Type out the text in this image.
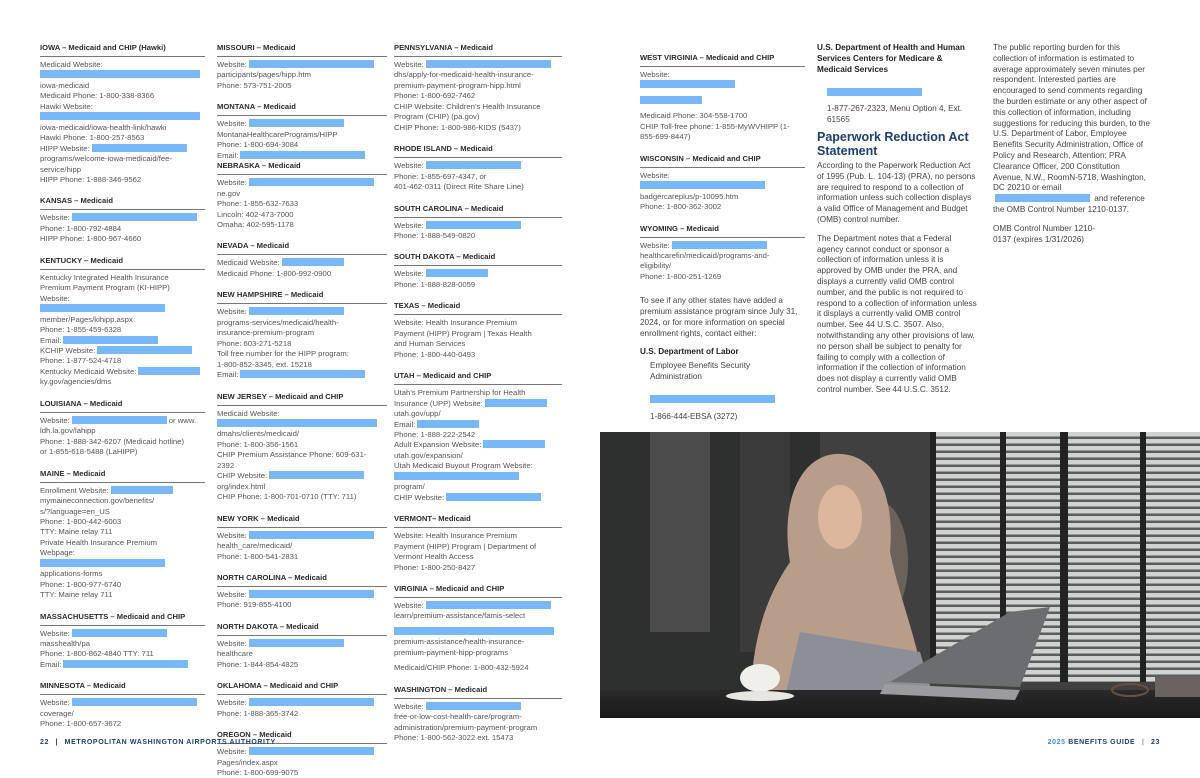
IOWA – Medicaid and CHIP (Hawki)
Medicaid Website:
iowa-medicaid
Medicaid Phone: 1-800-338-8366
Hawki Website:
iowa-medicaid/iowa-health-link/hawki
Hawki Phone: 1-800-257-8563
HIPP Website:
programs/welcome-iowa-medicaid/fee-
service/hipp
HIPP Phone: 1-888-346-9562
KANSAS – Medicaid
Website:
Phone: 1-800-792-4884
HIPP Phone: 1-800-967-4660
KENTUCKY – Medicaid
Kentucky Integrated Health Insurance
Premium Payment Program (KI-HIPP)
Website:
member/Pages/kihipp.aspx
Phone: 1-855-459-6328
Email:
KCHIP Website:
Phone: 1-877-524-4718
Kentucky Medicaid Website:
ky.gov/agencies/dms
LOUISIANA – Medicaid
Website:	or www.
ldh.la.gov/lahipp
Phone: 1-888-342-6207 (Medicaid hotline)
or 1-855-618-5488 (LaHIPP)
MAINE – Medicaid
Enrollment Website:
mymaineconnection.gov/benefits/
s/?language=en_US
Phone: 1-800-442-6003
TTY: Maine relay 711
Private Health Insurance Premium
Webpage:
applications-forms
Phone: 1-800-977-6740
TTY: Maine relay 711
MASSACHUSETTS – Medicaid and CHIP
Website:
masshealth/pa
Phone: 1-800-862-4840 TTY: 711
Email:
MINNESOTA – Medicaid
Website:
coverage/
Phone: 1-800-657-3672
MISSOURI – Medicaid
Website:
participants/pages/hipp.htm
Phone: 573-751-2005
MONTANA – Medicaid
Website:
MontanaHealthcarePrograms/HIPP
Phone: 1-800-694-3084
Email:
NEBRASKA – Medicaid
Website:
ne.gov
Phone: 1-855-632-7633
Lincoln: 402-473-7000
Omaha: 402-595-1178
NEVADA – Medicaid
Medicaid Website:
Medicaid Phone: 1-800-992-0900
NEW HAMPSHIRE – Medicaid
Website:
programs-services/medicaid/health-
insurance-premium-program
Phone: 603-271-5218
Toll free number for the HIPP program:
1-800-852-3345, ext. 15218
Email:
NEW JERSEY – Medicaid and CHIP
Medicaid Website:
dmahs/clients/medicaid/
Phone: 1-800-356-1561
CHIP Premium Assistance Phone: 609-631-
2392
CHIP Website:
org/index.html
CHIP Phone: 1-800-701-0710 (TTY: 711)
NEW YORK – Medicaid
Website:
health_care/medicaid/
Phone: 1-800-541-2831
NORTH CAROLINA – Medicaid
Website:
Phone: 919-855-4100
NORTH DAKOTA – Medicaid
Website:
healthcare
Phone: 1-844-854-4825
OKLAHOMA – Medicaid and CHIP
Website:
Phone: 1-888-365-3742
OREGON – Medicaid
Website:
Pages/index.aspx
Phone: 1-800-699-9075
PENNSYLVANIA – Medicaid
Website:
dhs/apply-for-medicaid-health-insurance-
premium-payment-program-hipp.html
Phone: 1-800-692-7462
CHIP Website: Children’s Health Insurance
Program (CHIP) (pa.gov)
CHIP Phone: 1-800-986-KIDS (5437)
RHODE ISLAND – Medicaid
Website:
Phone: 1-855-697-4347, or
401-462-0311 (Direct Rite Share Line)
SOUTH CAROLINA – Medicaid
Website:
Phone: 1-888-549-0820
SOUTH DAKOTA – Medicaid
Website:
Phone: 1-888-828-0059
TEXAS – Medicaid
Website: Health Insurance Premium
Payment (HIPP) Program | Texas Health
and Human Services
Phone: 1-800-440-0493
UTAH – Medicaid and CHIP
Utah’s Premium Partnership for Health
Insurance (UPP) Website:
utah.gov/upp/
Email:
Phone: 1-888-222-2542
Adult Expansion Website:
utah.gov/expansion/
Utah Medicaid Buyout Program Website:
program/
CHIP Website:
VERMONT– Medicaid
Website: Health Insurance Premium
Payment (HIPP) Program | Department of
Vermont Health Access
Phone: 1-800-250-8427
VIRGINIA – Medicaid and CHIP
Website:
learn/premium-assistance/famis-select
premium-assistance/health-insurance-
premium-payment-hipp-programs
Medicaid/CHIP Phone: 1-800-432-5924
WASHINGTON – Medicaid
Website:
free-or-low-cost-health-care/program-
administration/premium-payment-program
Phone: 1-800-562-3022 ext. 15473
WEST VIRGINIA – Medicaid and CHIP
Website:
Medicaid Phone: 304-558-1700
CHIP Toll-free phone: 1-855-MyWVHIPP (1-
855-699-8447)
WISCONSIN – Medicaid and CHIP
Website:
badgercareplus/p-10095.htm
Phone: 1-800-362-3002
WYOMING – Medicaid
Website:
healthcarefin/medicaid/programs-and-
eligibility/
Phone: 1-800-251-1269
To see if any other states have added a premium assistance program since July 31, 2024, or for more information on special enrollment rights, contact either:
U.S. Department of Labor
Employee Benefits Security Administration
1-866-444-EBSA (3272)
U.S. Department of Health and Human Services Centers for Medicare & Medicaid Services
1-877-267-2323, Menu Option 4, Ext. 61565
Paperwork Reduction Act Statement
According to the Paperwork Reduction Act of 1995 (Pub. L. 104-13) (PRA), no persons are required to respond to a collection of information unless such collection displays a valid Office of Management and Budget (OMB) control number.
The Department notes that a Federal agency cannot conduct or sponsor a collection of information unless it is approved by OMB under the PRA, and displays a currently valid OMB control number, and the public is not required to respond to a collection of information unless it displays a currently valid OMB control number. See 44 U.S.C. 3507. Also, notwithstanding any other provisions of law, no person shall be subject to penalty for failing to comply with a collection of information if the collection of information does not display a currently valid OMB control number. See 44 U.S.C. 3512.
The public reporting burden for this collection of information is estimated to average approximately seven minutes per respondent. Interested parties are encouraged to send comments regarding the burden estimate or any other aspect of this collection of information, including suggestions for reducing this burden, to the U.S. Department of Labor, Employee Benefits Security Administration, Office of Policy and Research, Attention: PRA Clearance Officer, 200 Constitution Avenue, N.W., RoomN-5718, Washington, DC 20210 or email  and reference the OMB Control Number 1210-0137.
OMB Control Number 1210-0137 (expires 1/31/2026)
22 | METROPOLITAN WASHINGTON AIRPORTS AUTHORITY	2025 BENEFITS GUIDE | 23
